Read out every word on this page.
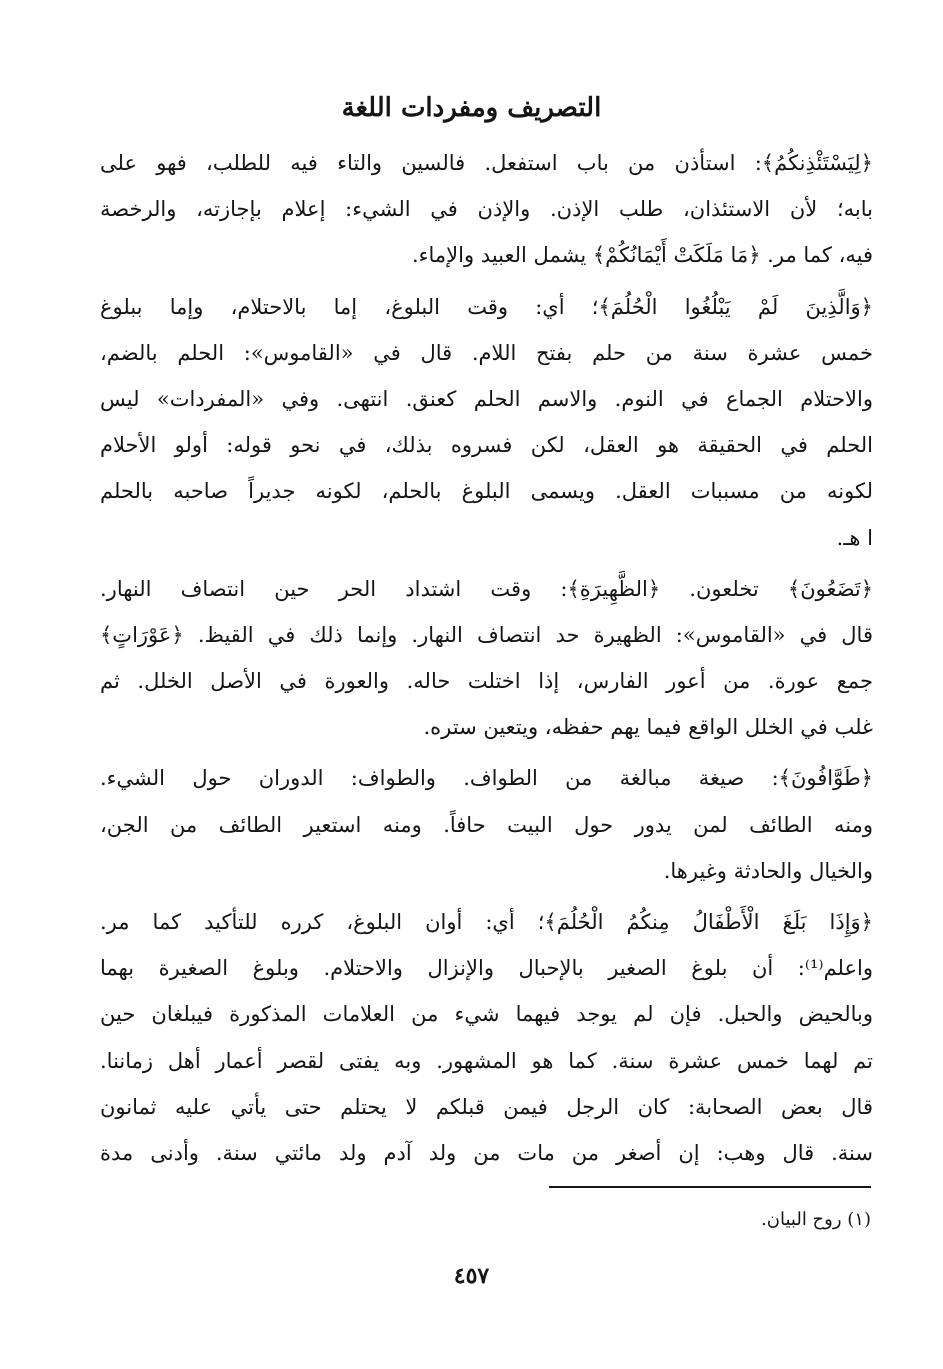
التصريف ومفردات اللغة
﴿لِيَسْتَئْذِنكُمُ﴾: استأذن من باب استفعل. فالسين والتاء فيه للطلب، فهو على
بابه؛ لأن الاستئذان، طلب الإذن. والإذن في الشيء: إعلام بإجازته، والرخصة
فيه، كما مر. ﴿مَا مَلَكَتْ أَيْمَانُكُمْ﴾ يشمل العبيد والإماء.
﴿وَالَّذِينَ لَمْ يَبْلُغُوا الْحُلُمَ﴾؛ أي: وقت البلوغ، إما بالاحتلام، وإما ببلوغ
خمس عشرة سنة من حلم بفتح اللام. قال في «القاموس»: الحلم بالضم،
والاحتلام الجماع في النوم. والاسم الحلم كعنق. انتهى. وفي «المفردات» ليس
الحلم في الحقيقة هو العقل، لكن فسروه بذلك، في نحو قوله: أولو الأحلام
لكونه من مسببات العقل. ويسمى البلوغ بالحلم، لكونه جديراً صاحبه بالحلم
ا هـ.
﴿تَضَعُونَ﴾ تخلعون. ﴿الظَّهِيرَةِ﴾: وقت اشتداد الحر حين انتصاف النهار.
قال في «القاموس»: الظهيرة حد انتصاف النهار. وإنما ذلك في القيظ. ﴿عَوْرَاتٍ﴾
جمع عورة. من أعور الفارس، إذا اختلت حاله. والعورة في الأصل الخلل. ثم
غلب في الخلل الواقع فيما يهم حفظه، ويتعين ستره.
﴿طَوَّافُونَ﴾: صيغة مبالغة من الطواف. والطواف: الدوران حول الشيء.
ومنه الطائف لمن يدور حول البيت حافاً. ومنه استعير الطائف من الجن،
والخيال والحادثة وغيرها.
﴿وَإِذَا بَلَغَ الْأَطْفَالُ مِنكُمُ الْحُلُمَ﴾؛ أي: أوان البلوغ، كرره للتأكيد كما مر.
واعلم⁽¹⁾: أن بلوغ الصغير بالإحبال والإنزال والاحتلام. وبلوغ الصغيرة بهما
وبالحيض والحبل. فإن لم يوجد فيهما شيء من العلامات المذكورة فيبلغان حين
تم لهما خمس عشرة سنة. كما هو المشهور. وبه يفتى لقصر أعمار أهل زماننا.
قال بعض الصحابة: كان الرجل فيمن قبلكم لا يحتلم حتى يأتي عليه ثمانون
سنة. قال وهب: إن أصغر من مات من ولد آدم ولد مائتي سنة. وأدنى مدة
(١) روح البيان.
٤٥٧
